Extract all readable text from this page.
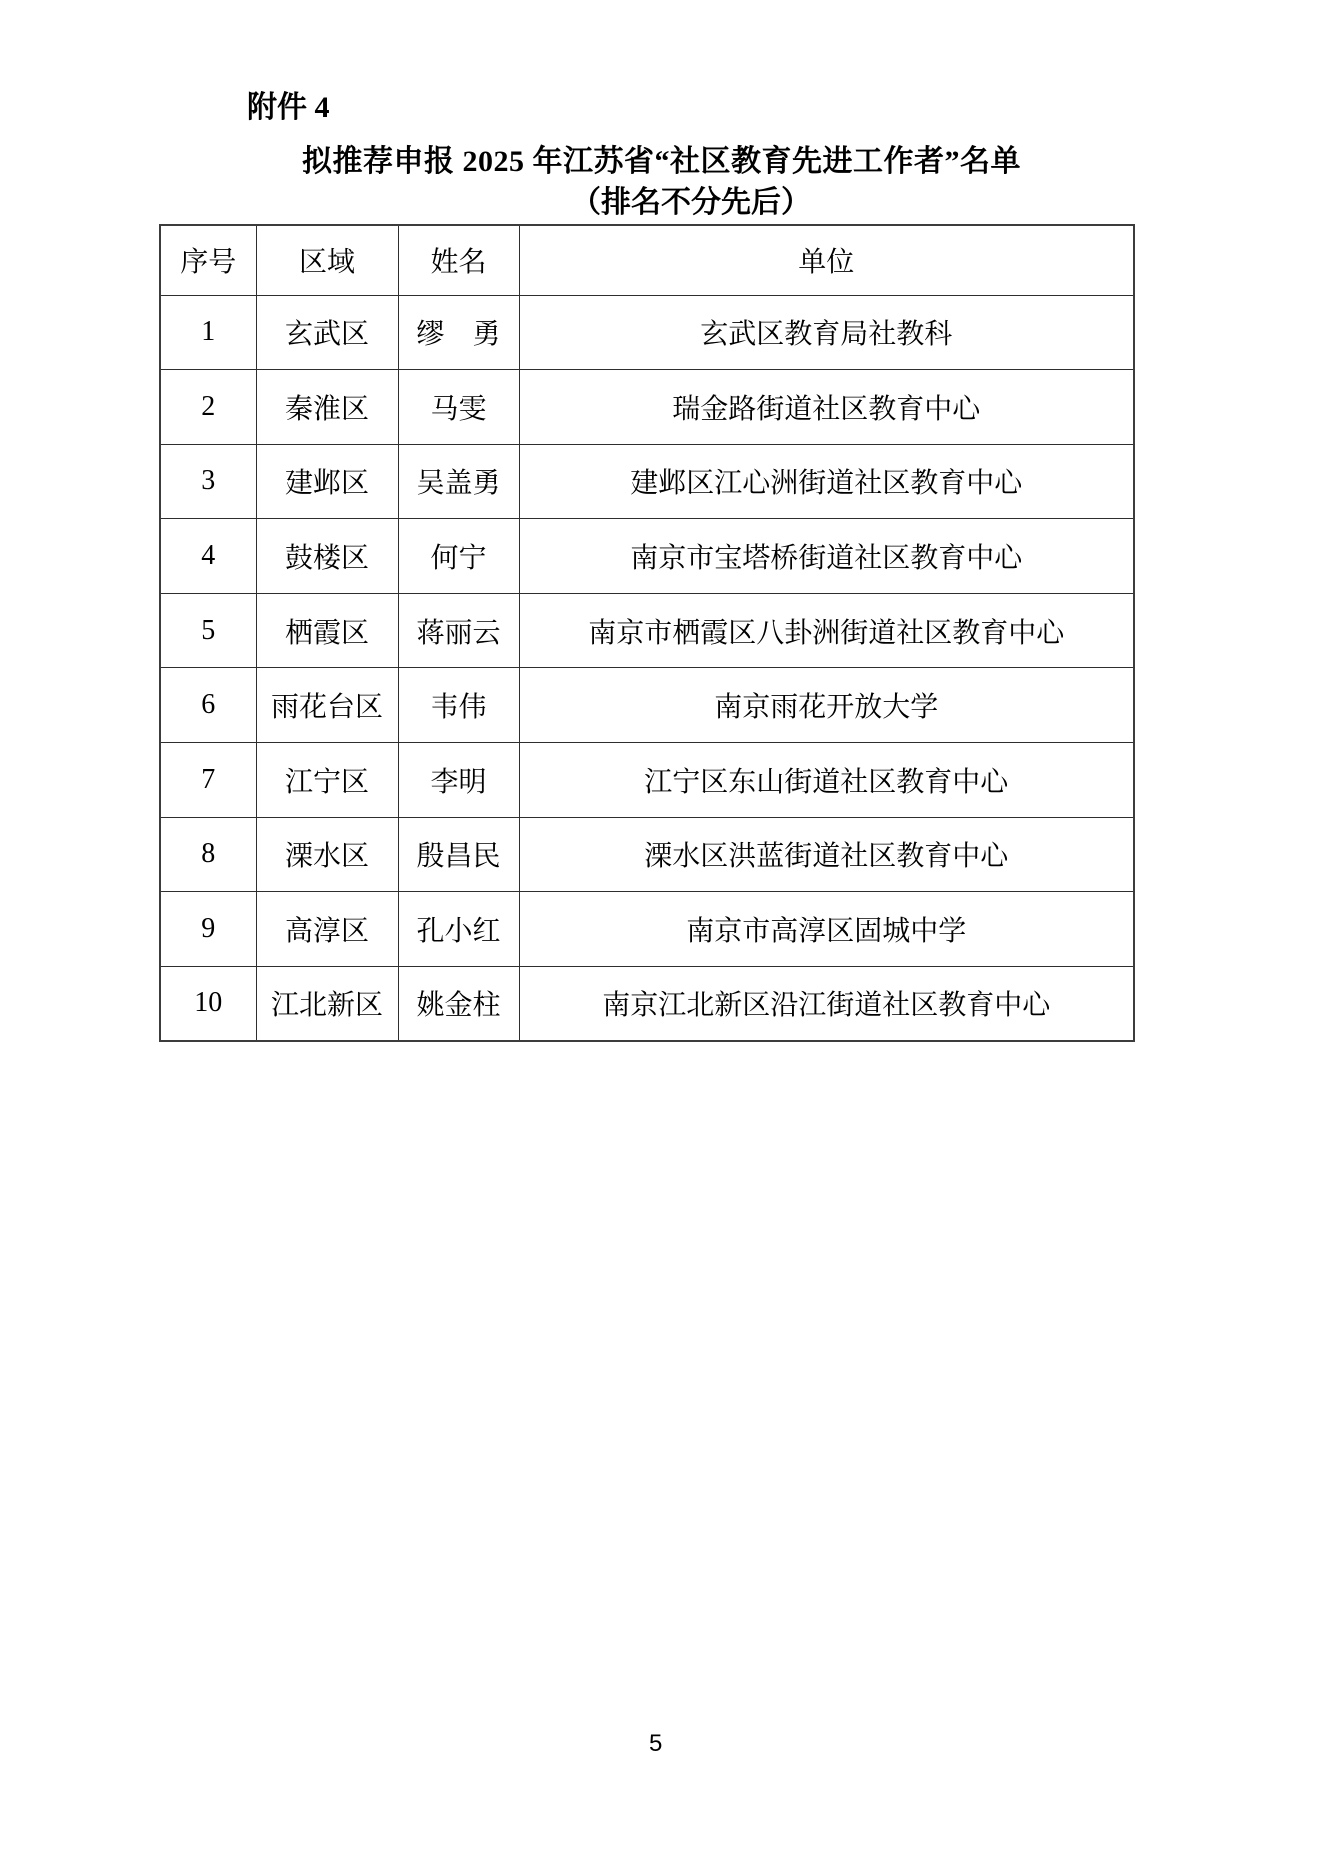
附件 4
拟推荐申报 2025 年江苏省“社区教育先进工作者”名单
（排名不分先后）
序号	区域	姓名	单位
1	玄武区	缪　勇	玄武区教育局社教科
2	秦淮区	马雯	瑞金路街道社区教育中心
3	建邺区	吴盖勇	建邺区江心洲街道社区教育中心
4	鼓楼区	何宁	南京市宝塔桥街道社区教育中心
5	栖霞区	蒋丽云	南京市栖霞区八卦洲街道社区教育中心
6	雨花台区	韦伟	南京雨花开放大学
7	江宁区	李明	江宁区东山街道社区教育中心
8	溧水区	殷昌民	溧水区洪蓝街道社区教育中心
9	高淳区	孔小红	南京市高淳区固城中学
10	江北新区	姚金柱	南京江北新区沿江街道社区教育中心
5
